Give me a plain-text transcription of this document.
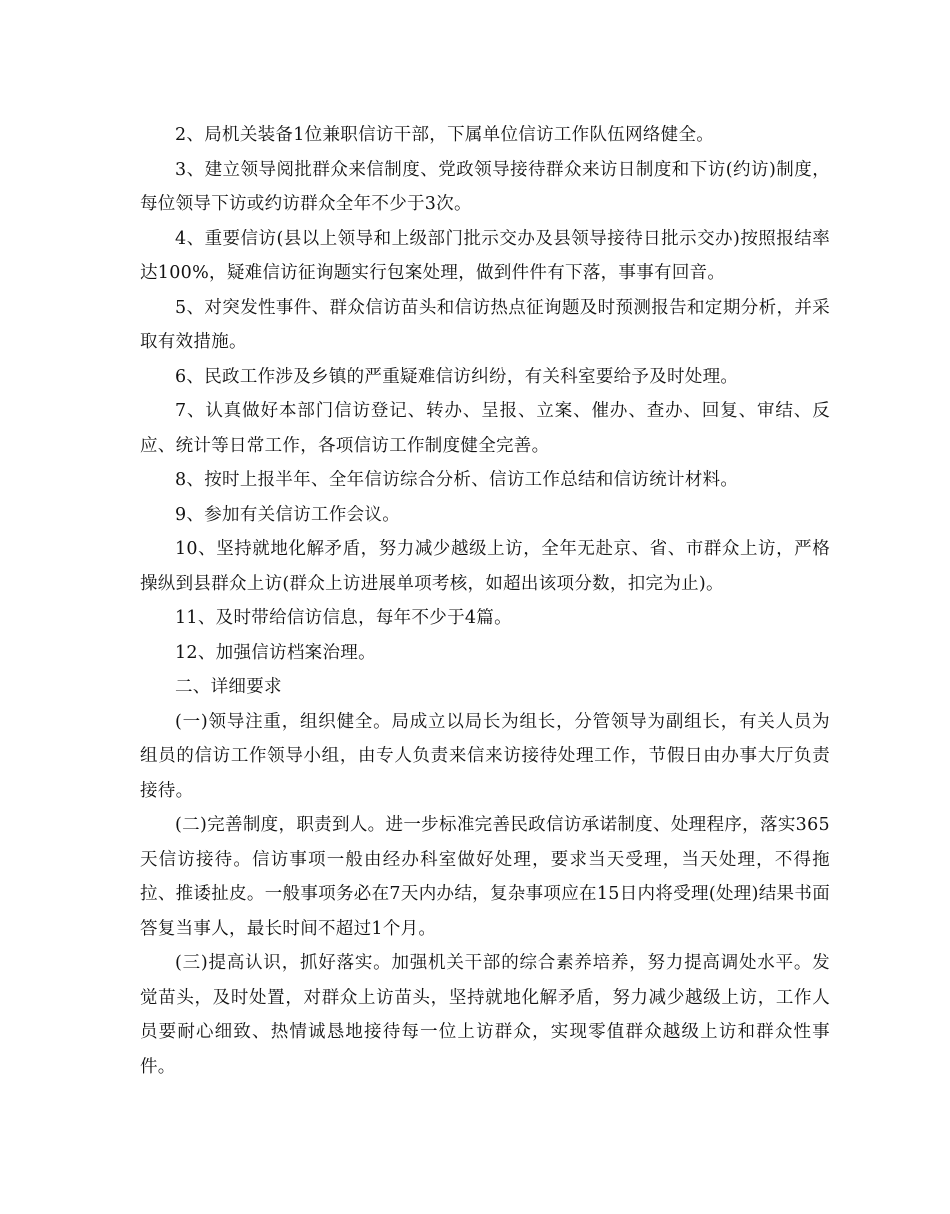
2、局机关装备1位兼职信访干部，下属单位信访工作队伍网络健全。

3、建立领导阅批群众来信制度、党政领导接待群众来访日制度和下访(约访)制度，每位领导下访或约访群众全年不少于3次。

4、重要信访(县以上领导和上级部门批示交办及县领导接待日批示交办)按照报结率达100%，疑难信访征询题实行包案处理，做到件件有下落，事事有回音。

5、对突发性事件、群众信访苗头和信访热点征询题及时预测报告和定期分析，并采取有效措施。

6、民政工作涉及乡镇的严重疑难信访纠纷，有关科室要给予及时处理。

7、认真做好本部门信访登记、转办、呈报、立案、催办、查办、回复、审结、反应、统计等日常工作，各项信访工作制度健全完善。

8、按时上报半年、全年信访综合分析、信访工作总结和信访统计材料。

9、参加有关信访工作会议。

10、坚持就地化解矛盾，努力减少越级上访，全年无赴京、省、市群众上访，严格操纵到县群众上访(群众上访进展单项考核，如超出该项分数，扣完为止)。

11、及时带给信访信息，每年不少于4篇。

12、加强信访档案治理。

二、详细要求

(一)领导注重，组织健全。局成立以局长为组长，分管领导为副组长，有关人员为组员的信访工作领导小组，由专人负责来信来访接待处理工作，节假日由办事大厅负责接待。

(二)完善制度，职责到人。进一步标准完善民政信访承诺制度、处理程序，落实365天信访接待。信访事项一般由经办科室做好处理，要求当天受理，当天处理，不得拖拉、推诿扯皮。一般事项务必在7天内办结，复杂事项应在15日内将受理(处理)结果书面答复当事人，最长时间不超过1个月。

(三)提高认识，抓好落实。加强机关干部的综合素养培养，努力提高调处水平。发觉苗头，及时处置，对群众上访苗头，坚持就地化解矛盾，努力减少越级上访，工作人员要耐心细致、热情诚恳地接待每一位上访群众，实现零值群众越级上访和群众性事件。
